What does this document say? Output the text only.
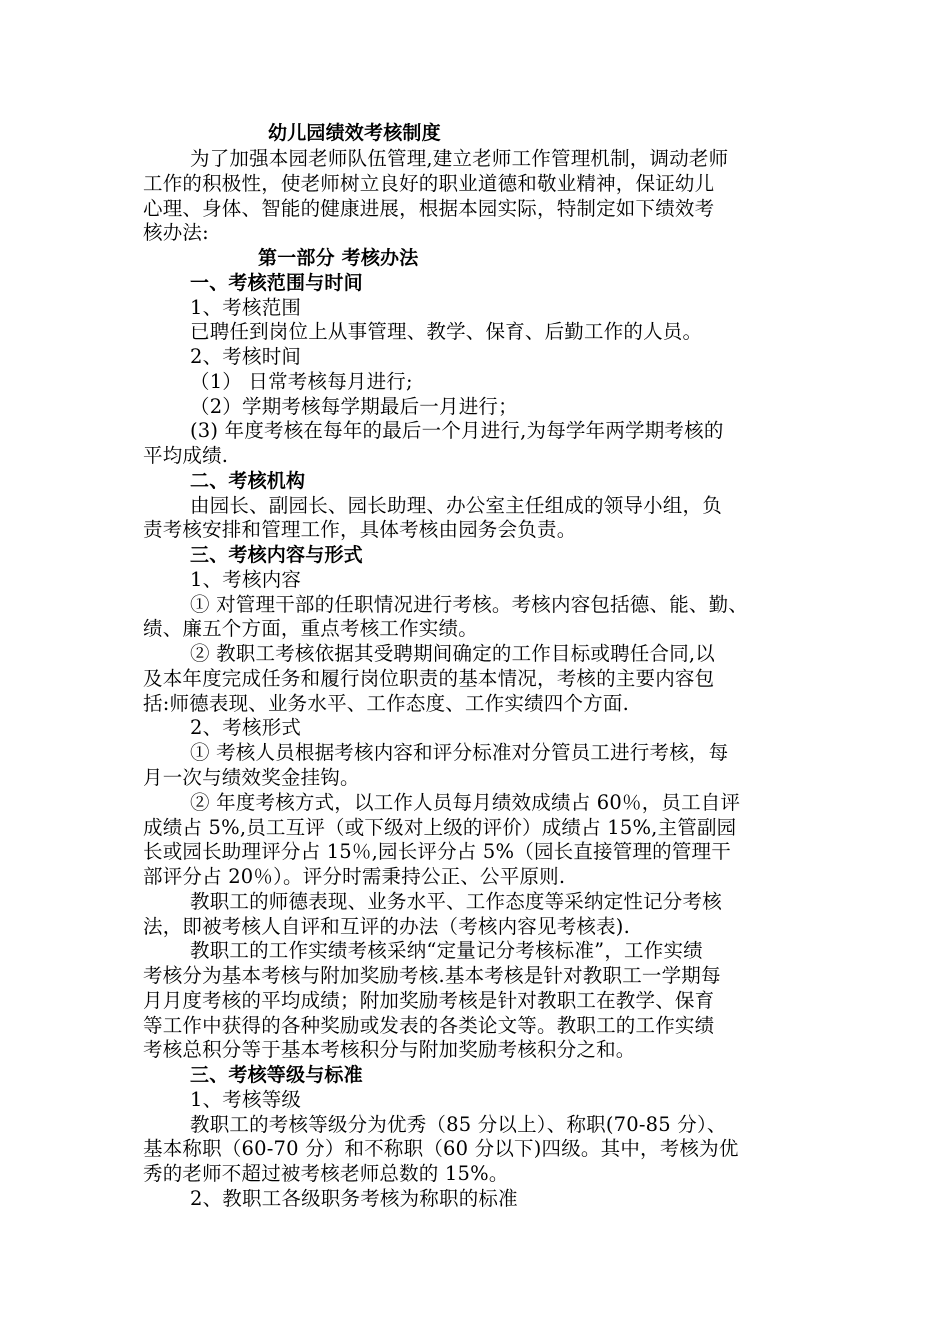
幼儿园绩效考核制度
为了加强本园老师队伍管理,建立老师工作管理机制，调动老师
工作的积极性，使老师树立良好的职业道德和敬业精神，保证幼儿
心理、身体、智能的健康进展，根据本园实际，特制定如下绩效考
核办法:
第一部分 考核办法
一、考核范围与时间
1、考核范围
已聘任到岗位上从事管理、教学、保育、后勤工作的人员。
2、考核时间
（1） 日常考核每月进行;
（2）学期考核每学期最后一月进行；
(3) 年度考核在每年的最后一个月进行,为每学年两学期考核的
平均成绩.
二、考核机构
由园长、副园长、园长助理、办公室主任组成的领导小组，负
责考核安排和管理工作，具体考核由园务会负责。
三、考核内容与形式
1、考核内容
① 对管理干部的任职情况进行考核。考核内容包括德、能、勤、
绩、廉五个方面，重点考核工作实绩。
② 教职工考核依据其受聘期间确定的工作目标或聘任合同,以
及本年度完成任务和履行岗位职责的基本情况，考核的主要内容包
括:师德表现、业务水平、工作态度、工作实绩四个方面.
2、考核形式
① 考核人员根据考核内容和评分标准对分管员工进行考核，每
月一次与绩效奖金挂钩。
② 年度考核方式，以工作人员每月绩效成绩占 60％，员工自评
成绩占 5%,员工互评（或下级对上级的评价）成绩占 15%,主管副园
长或园长助理评分占 15％,园长评分占 5%（园长直接管理的管理干
部评分占 20％）。评分时需秉持公正、公平原则.
教职工的师德表现、业务水平、工作态度等采纳定性记分考核
法，即被考核人自评和互评的办法（考核内容见考核表).
教职工的工作实绩考核采纳“定量记分考核标准”，工作实绩
考核分为基本考核与附加奖励考核.基本考核是针对教职工一学期每
月月度考核的平均成绩；附加奖励考核是针对教职工在教学、保育
等工作中获得的各种奖励或发表的各类论文等。教职工的工作实绩
考核总积分等于基本考核积分与附加奖励考核积分之和。
三、考核等级与标准
1、考核等级
教职工的考核等级分为优秀（85 分以上）、称职(70-85 分）、
基本称职（60-70 分）和不称职（60 分以下)四级。其中，考核为优
秀的老师不超过被考核老师总数的 15%。
2、教职工各级职务考核为称职的标准
